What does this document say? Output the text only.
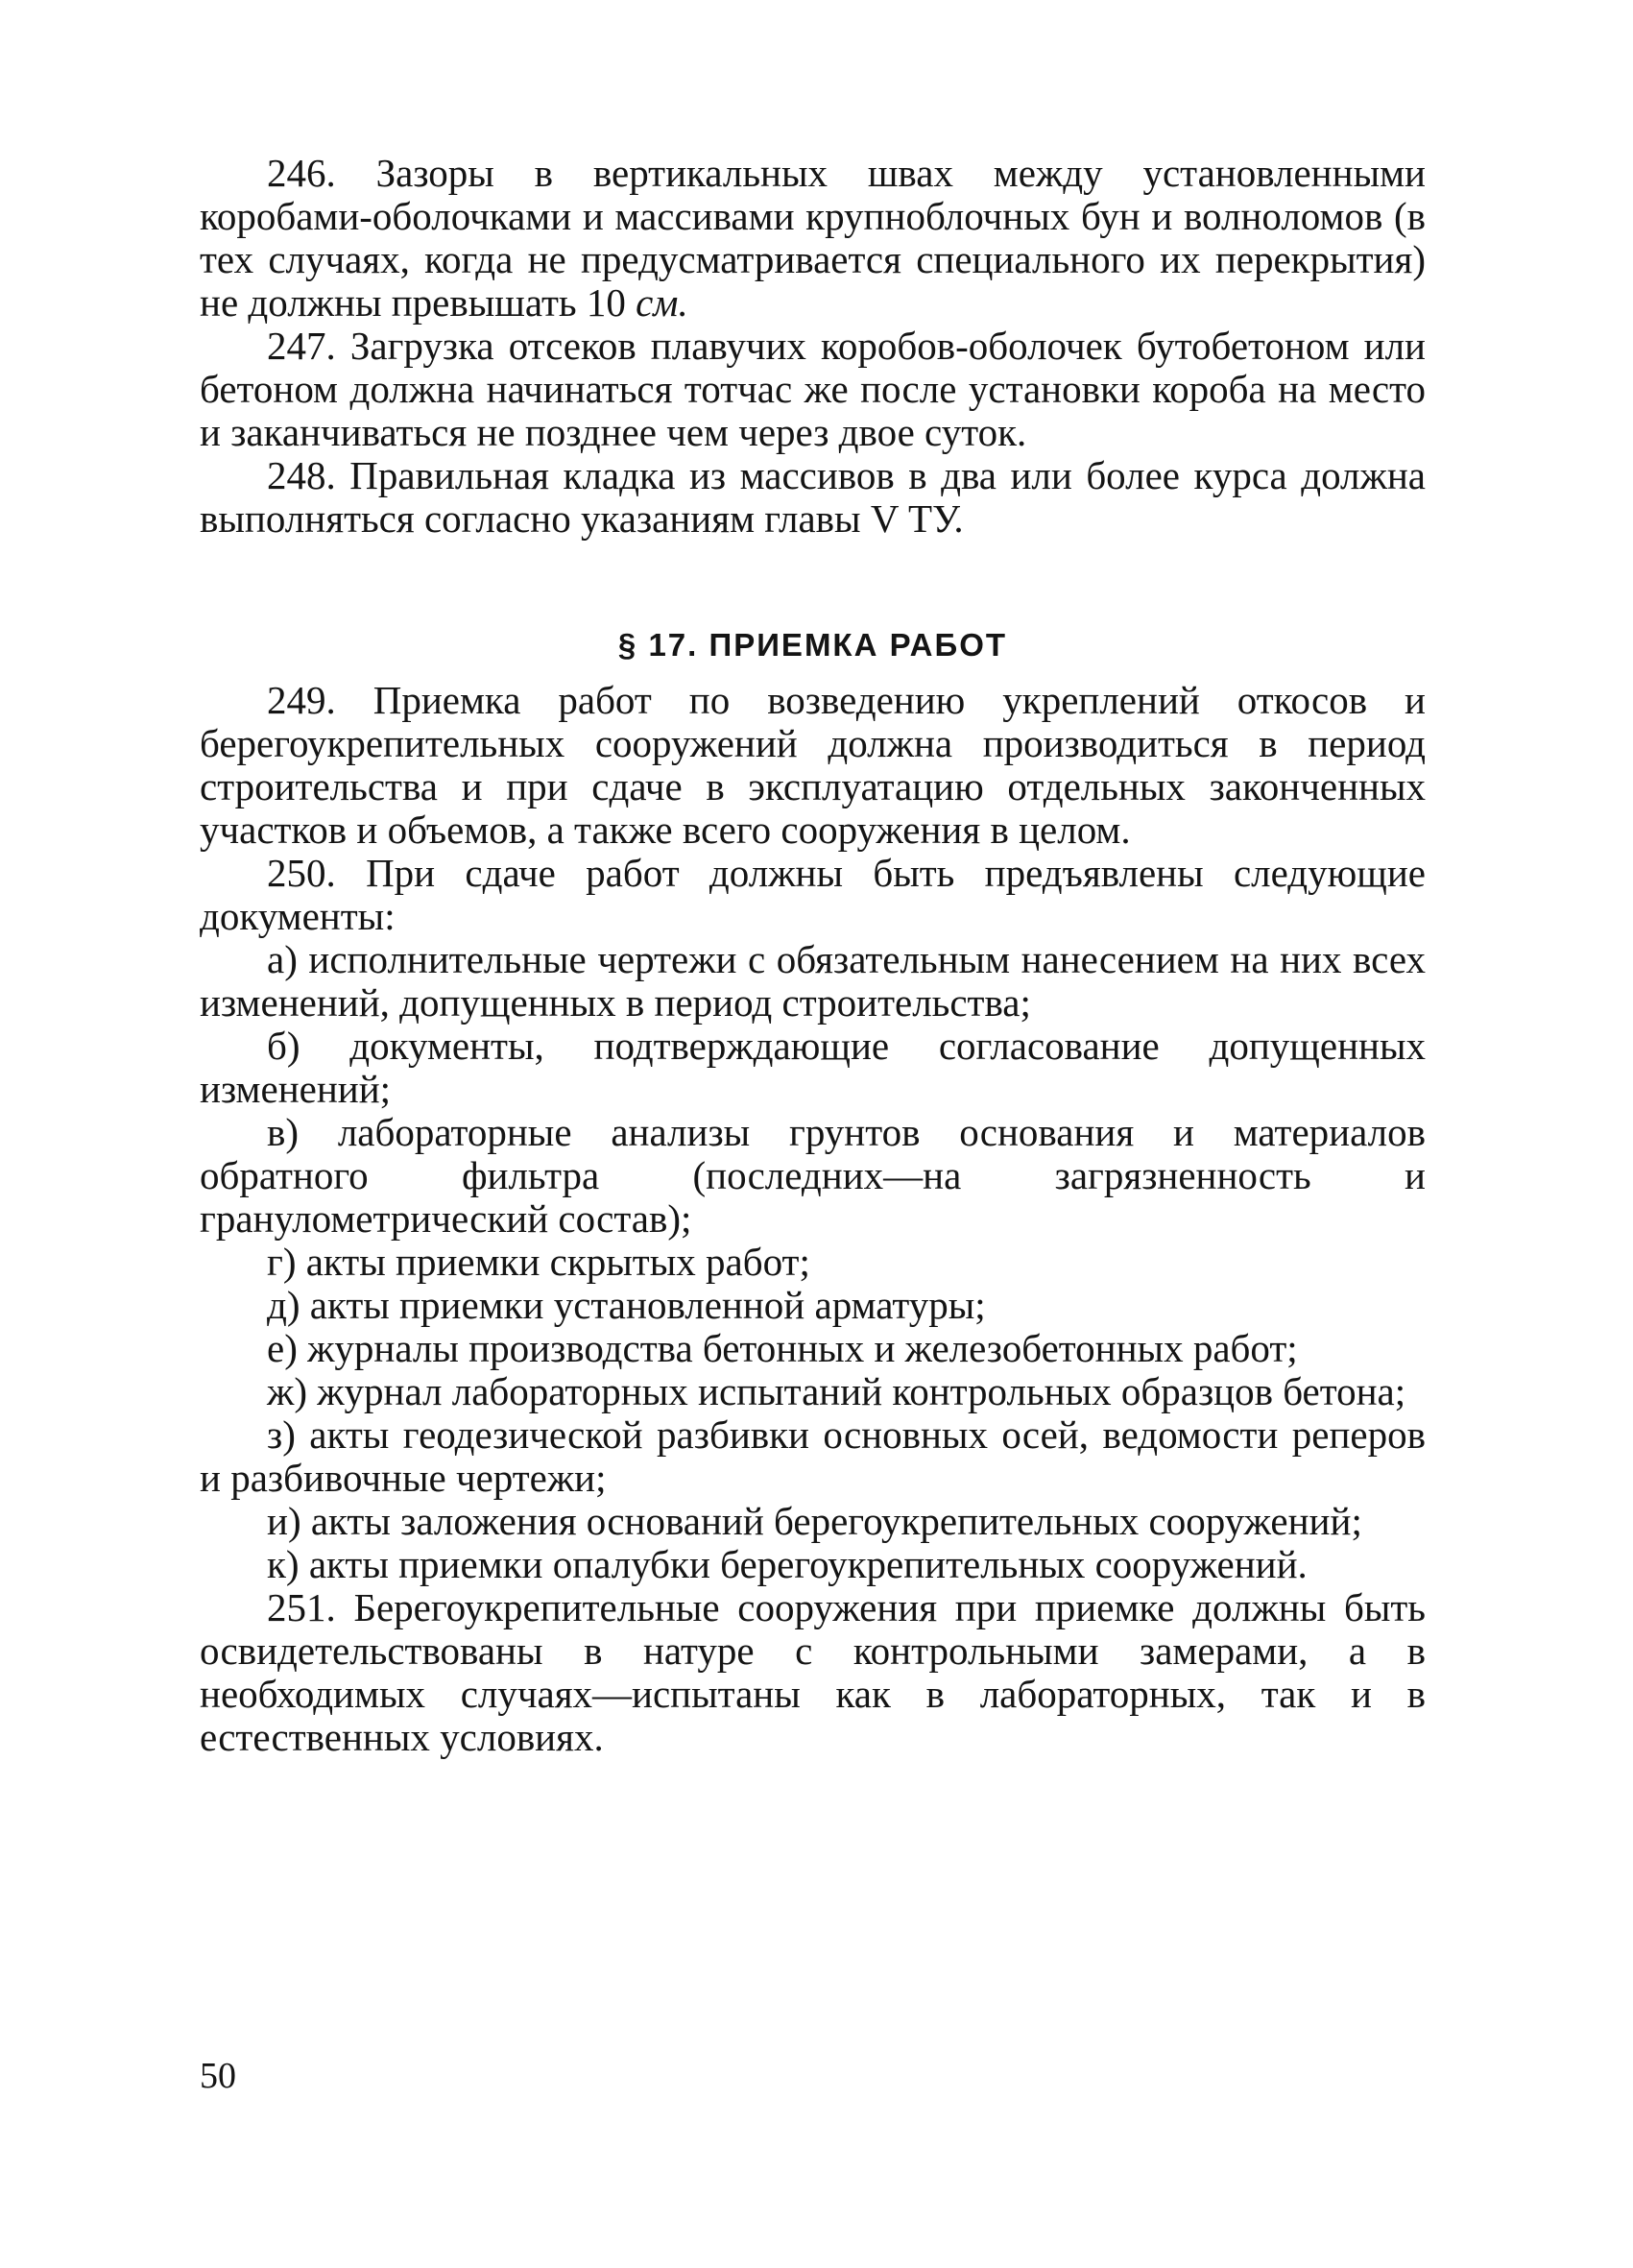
246. Зазоры в вертикальных швах между установленными коробами-оболочками и массивами крупноблочных бун и волноломов (в тех случаях, когда не предусматривается специального их перекрытия) не должны превышать 10 см.

247. Загрузка отсеков плавучих коробов-оболочек бутобетоном или бетоном должна начинаться тотчас же после установки короба на место и заканчиваться не позднее чем через двое суток.

248. Правильная кладка из массивов в два или более курса должна выполняться согласно указаниям главы V ТУ.

§ 17. ПРИЕМКА РАБОТ

249. Приемка работ по возведению укреплений откосов и берегоукрепительных сооружений должна производиться в период строительства и при сдаче в эксплуатацию отдельных законченных участков и объемов, а также всего сооружения в целом.

250. При сдаче работ должны быть предъявлены следующие документы:

а) исполнительные чертежи с обязательным нанесением на них всех изменений, допущенных в период строительства;

б) документы, подтверждающие согласование допущенных изменений;

в) лабораторные анализы грунтов основания и материалов обратного фильтра (последних—на загрязненность и гранулометрический состав);

г) акты приемки скрытых работ;

д) акты приемки установленной арматуры;

е) журналы производства бетонных и железобетонных работ;

ж) журнал лабораторных испытаний контрольных образцов бетона;

з) акты геодезической разбивки основных осей, ведомости реперов и разбивочные чертежи;

и) акты заложения оснований берегоукрепительных сооружений;

к) акты приемки опалубки берегоукрепительных сооружений.

251. Берегоукрепительные сооружения при приемке должны быть освидетельствованы в натуре с контрольными замерами, а в необходимых случаях—испытаны как в лабораторных, так и в естественных условиях.

50
